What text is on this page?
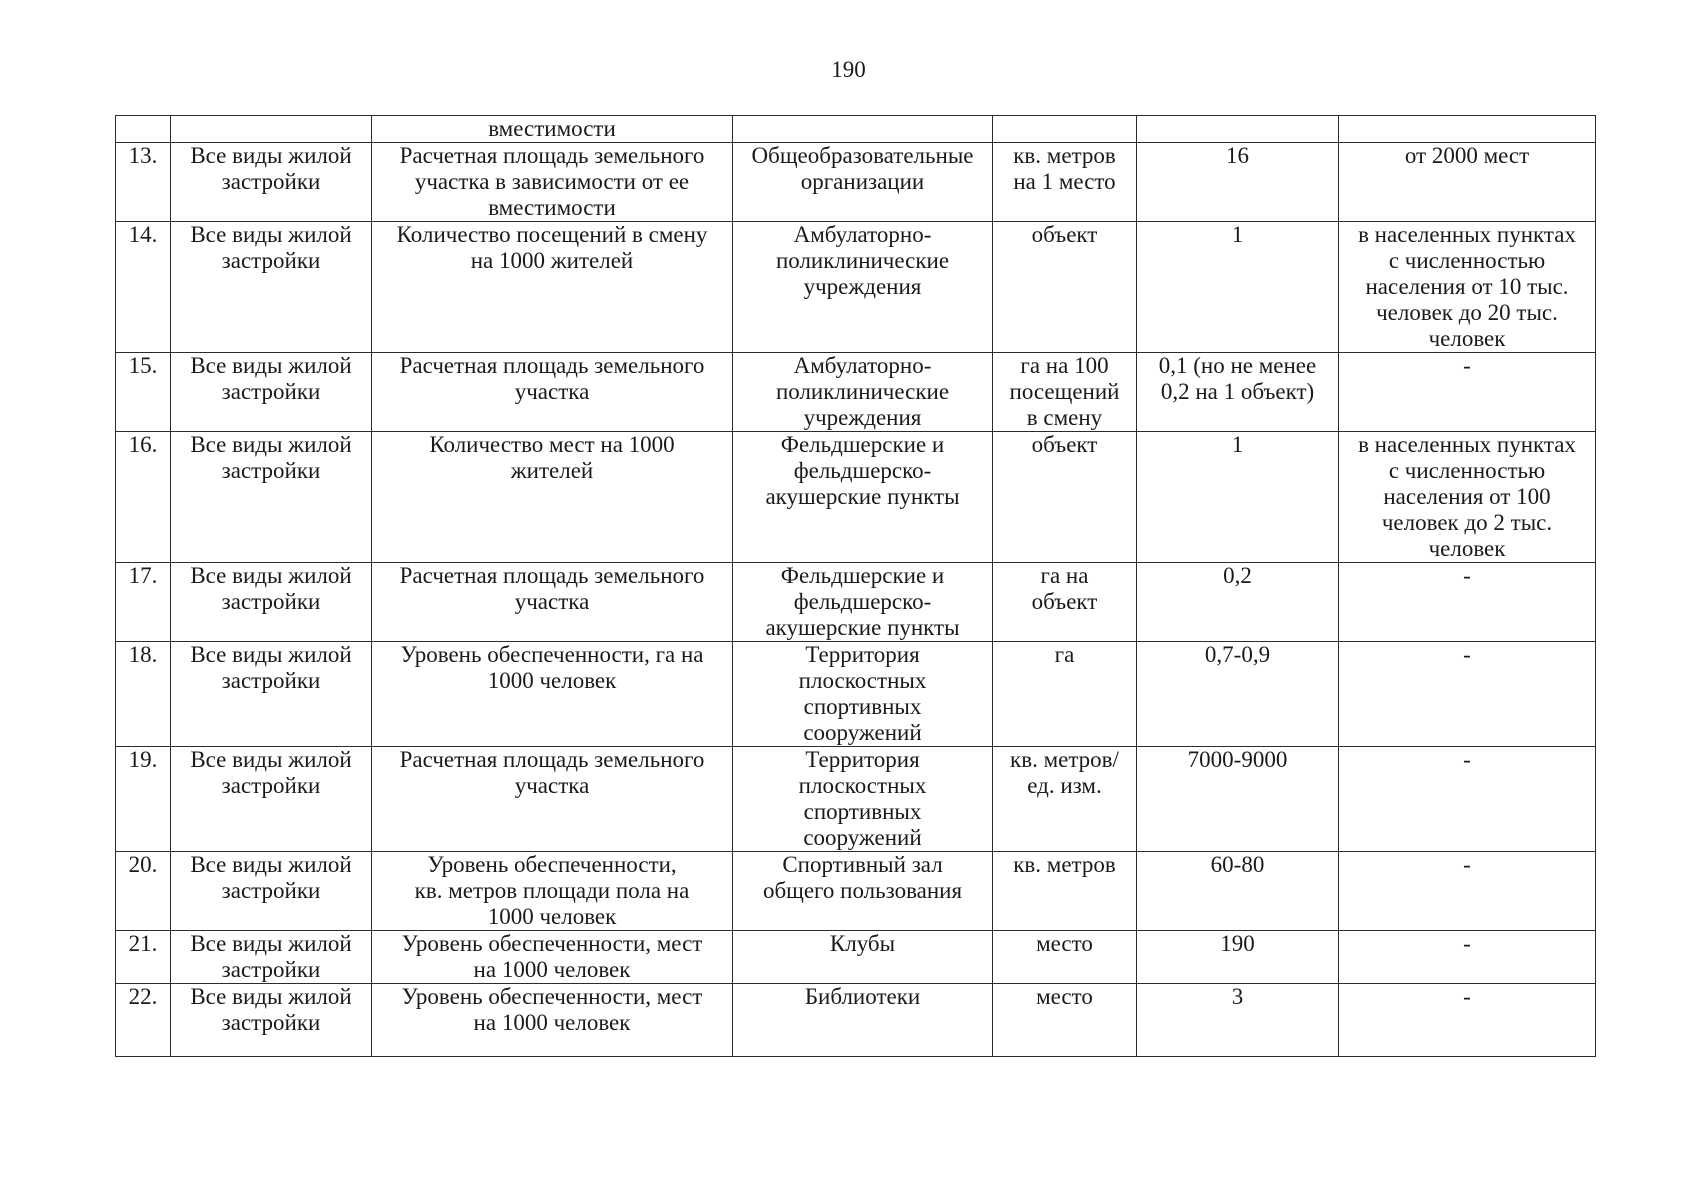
190
		вместимости				
13.	Все виды жилой
застройки	Расчетная площадь земельного
участка в зависимости от ее
вместимости	Общеобразовательные
организации	кв. метров
на 1 место	16	от 2000 мест
14.	Все виды жилой
застройки	Количество посещений в смену
на 1000 жителей	Амбулаторно-
поликлинические
учреждения	объект	1	в населенных пунктах
с численностью
населения от 10 тыс.
человек до 20 тыс.
человек
15.	Все виды жилой
застройки	Расчетная площадь земельного
участка	Амбулаторно-
поликлинические
учреждения	га на 100
посещений
в смену	0,1 (но не менее
0,2 на 1 объект)	-
16.	Все виды жилой
застройки	Количество мест на 1000
жителей	Фельдшерские и
фельдшерско-
акушерские пункты	объект	1	в населенных пунктах
с численностью
населения от 100
человек до 2 тыс.
человек
17.	Все виды жилой
застройки	Расчетная площадь земельного
участка	Фельдшерские и
фельдшерско-
акушерские пункты	га на
объект	0,2	-
18.	Все виды жилой
застройки	Уровень обеспеченности, га на
1000 человек	Территория
плоскостных
спортивных
сооружений	га	0,7-0,9	-
19.	Все виды жилой
застройки	Расчетная площадь земельного
участка	Территория
плоскостных
спортивных
сооружений	кв. метров/
ед. изм.	7000-9000	-
20.	Все виды жилой
застройки	Уровень обеспеченности,
кв. метров площади пола на
1000 человек	Спортивный зал
общего пользования	кв. метров	60-80	-
21.	Все виды жилой
застройки	Уровень обеспеченности, мест
на 1000 человек	Клубы	место	190	-
22.	Все виды жилой
застройки	Уровень обеспеченности, мест
на 1000 человек	Библиотеки	место	3	-
